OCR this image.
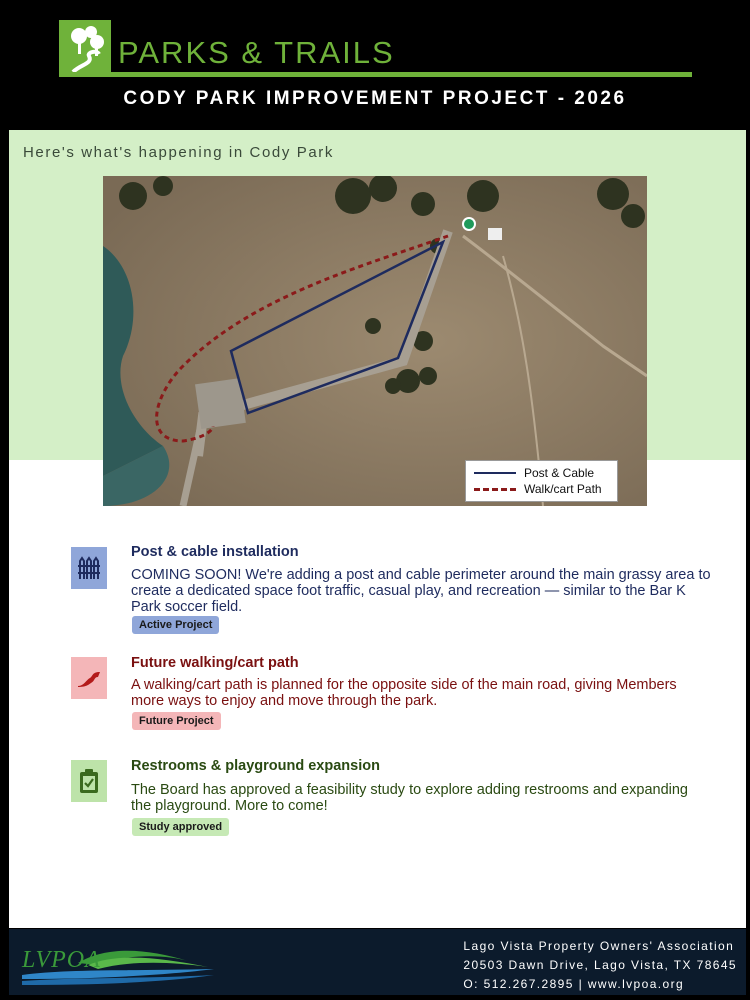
PARKS & TRAILS
CODY PARK IMPROVEMENT PROJECT - 2026
Here's what's happening in Cody Park
Post & Cable
Walk/cart Path
Post & cable installation
COMING SOON! We're adding a post and cable perimeter around the main grassy area to create a dedicated space foot traffic, casual play, and recreation — similar to the Bar K Park soccer field.
Active Project
Future walking/cart path
A walking/cart path is planned for the opposite side of the main road, giving Members more ways to enjoy and move through the park.
Future Project
Restrooms & playground expansion
The Board has approved a feasibility study to explore adding restrooms and expanding the playground. More to come!
Study approved
LVPOA
Lago Vista Property Owners' Association
20503 Dawn Drive, Lago Vista, TX 78645
O: 512.267.2895 | www.lvpoa.org
